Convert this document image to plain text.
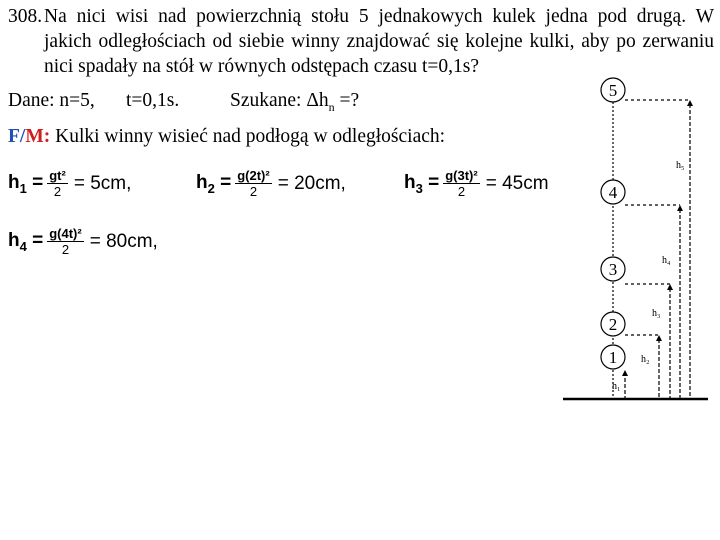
308. Na nici wisi nad powierzchnią stołu 5 jednakowych kulek jedna pod drugą. W
jakich odległościach od siebie winny znajdować się kolejne kulki, aby po zerwaniu
nici spadały na stół w równych odstępach czasu t=0,1s?
Dane: n=5, t=0,1s.	Szukane: $\Delta h_n$ =?
F/M: Kulki winny wisieć nad podłogą w odległościach:
$h_1 = \frac{\text{gt²}}{2} = 5cm$,	$h_2 = \frac{\text{g(2t)²}}{2} = 20cm$,	$h_3 = \frac{\text{g(3t)²}}{2} = 45cm$
$h_4 = \frac{\text{g(4t)²}}{2} = 80cm$,
5
4
3
2
1
h₅
h₄
h₃
h₂
h₁
